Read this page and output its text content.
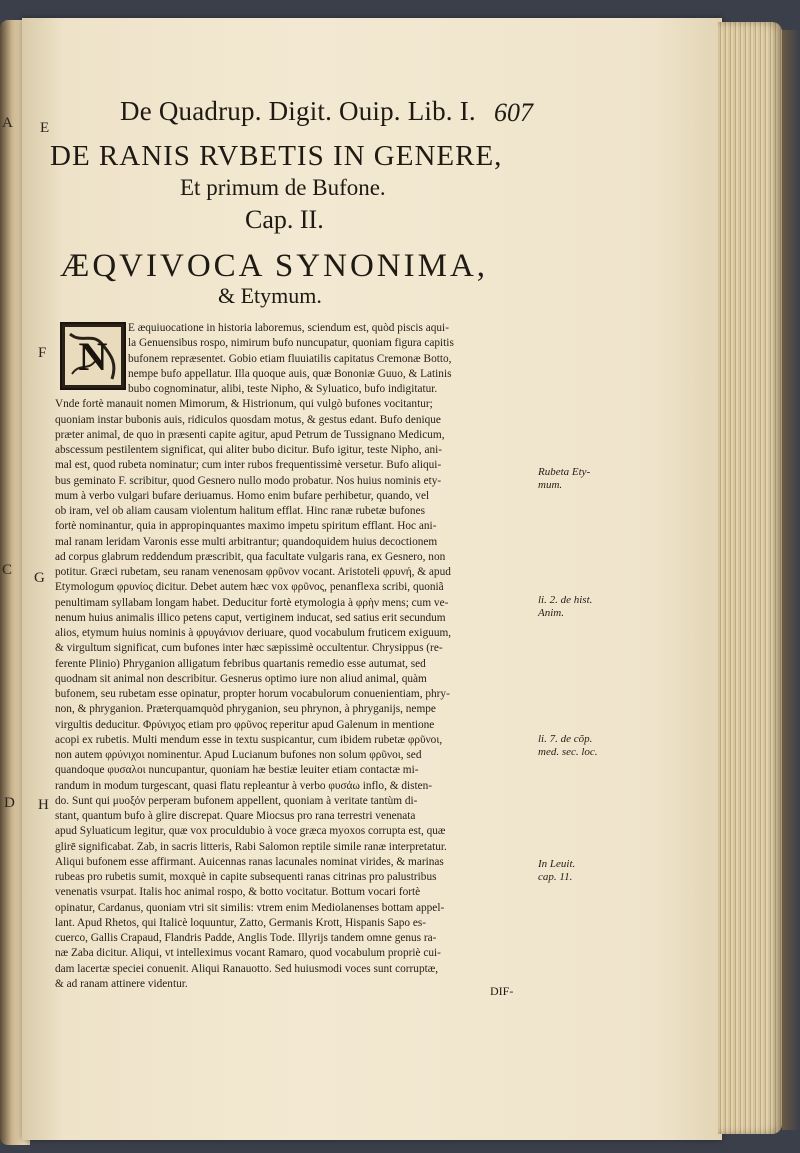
A
C
D
E
F
G
H
De Quadrup. Digit. Ouip. Lib. I. 607
DE RANIS RVBETIS IN GENERE,
Et primum de Bufone.
Cap. II.
ÆQVIVOCA SYNONIMA,
& Etymum.
N
E æquiuocatione in historia laboremus, sciendum est, quòd piscis aqui-
la Genuensibus rospo, nimirum bufo nuncupatur, quoniam figura capitis
bufonem repræsentet. Gobio etiam fluuiatilis capitatus Cremonæ Botto,
nempe bufo appellatur. Illa quoque auis, quæ Bononiæ Guuo, & Latinis
bubo cognominatur, alibi, teste Nipho, & Syluatico, bufo indigitatur.
Vnde fortè manauit nomen Mimorum, & Histrionum, qui vulgò bufones vocitantur;
quoniam instar bubonis auis, ridiculos quosdam motus, & gestus edant. Bufo denique
præter animal, de quo in præsenti capite agitur, apud Petrum de Tussignano Medicum,
abscessum pestilentem significat, qui aliter bubo dicitur. Bufo igitur, teste Nipho, ani-
mal est, quod rubeta nominatur; cum inter rubos frequentissimè versetur. Bufo aliqui-
bus geminato F. scribitur, quod Gesnero nullo modo probatur. Nos huius nominis ety-
mum à verbo vulgari bufare deriuamus. Homo enim bufare perhibetur, quando, vel
ob iram, vel ob aliam causam violentum halitum efflat. Hinc ranæ rubetæ bufones
fortè nominantur, quia in appropinquantes maximo impetu spiritum efflant. Hoc ani-
mal ranam leridam Varonis esse multi arbitrantur; quandoquidem huius decoctionem
ad corpus glabrum reddendum præscribit, qua facultate vulgaris rana, ex Gesnero, non
potitur. Græci rubetam, seu ranam venenosam φρῦνον vocant. Aristoteli φρυνή, & apud
Etymologum φρυνίος dicitur. Debet autem hæc vox φρῦνος, penanflexa scribi, quoniã
penultimam syllabam longam habet. Deducitur fortè etymologia à φρὴν mens; cum ve-
nenum huius animalis illico petens caput, vertiginem inducat, sed satius erit secundum
alios, etymum huius nominis à φρυγάνιον deriuare, quod vocabulum fruticem exiguum,
& virgultum significat, cum bufones inter hæc sæpissimè occultentur. Chrysippus (re-
ferente Plinio) Phryganion alligatum febribus quartanis remedio esse autumat, sed
quodnam sit animal non describitur. Gesnerus optimo iure non aliud animal, quàm
bufonem, seu rubetam esse opinatur, propter horum vocabulorum conuenientiam, phry-
non, & phryganion. Præterquamquòd phryganion, seu phrynon, à phryganijs, nempe
virgultis deducitur. Φρύνιχος etiam pro φρῦνος reperitur apud Galenum in mentione
acopi ex rubetis. Multi mendum esse in textu suspicantur, cum ibidem rubetæ φρῦνοι,
non autem φρύνιχοι nominentur. Apud Lucianum bufones non solum φρῦνοι, sed
quandoque φυσαλοι nuncupantur, quoniam hæ bestiæ leuiter etiam contactæ mi-
randum in modum turgescant, quasi flatu repleantur à verbo φυσάω inflo, & disten-
do. Sunt qui μυοξόν perperam bufonem appellent, quoniam à veritate tantùm di-
stant, quantum bufo à glire discrepat. Quare Miocsus pro rana terrestri venenata
apud Syluaticum legitur, quæ vox proculdubio à voce græca myoxos corrupta est, quæ
glirē significabat. Zab, in sacris litteris, Rabi Salomon reptile simile ranæ interpretatur.
Aliqui bufonem esse affirmant. Auicennas ranas lacunales nominat virides, & marinas
rubeas pro rubetis sumit, moxquè in capite subsequenti ranas citrinas pro palustribus
venenatis vsurpat. Italis hoc animal rospo, & botto vocitatur. Bottum vocari fortè
opinatur, Cardanus, quoniam vtri sit similis: vtrem enim Mediolanenses bottam appel-
lant. Apud Rhetos, qui Italicè loquuntur, Zatto, Germanis Krott, Hispanis Sapo es-
cuerco, Gallis Crapaud, Flandris Padde, Anglis Tode. Illyrijs tandem omne genus ra-
næ Zaba dicitur. Aliqui, vt intelleximus vocant Ramaro, quod vocabulum propriè cui-
dam lacertæ speciei conuenit. Aliqui Ranauotto. Sed huiusmodi voces sunt corruptæ,
& ad ranam attinere videntur.
Rubeta Ety-
mum.
li. 2. de hist.
Anim.
li. 7. de cõp.
med. sec. loc.
In Leuit.
cap. 11.
DIF-
